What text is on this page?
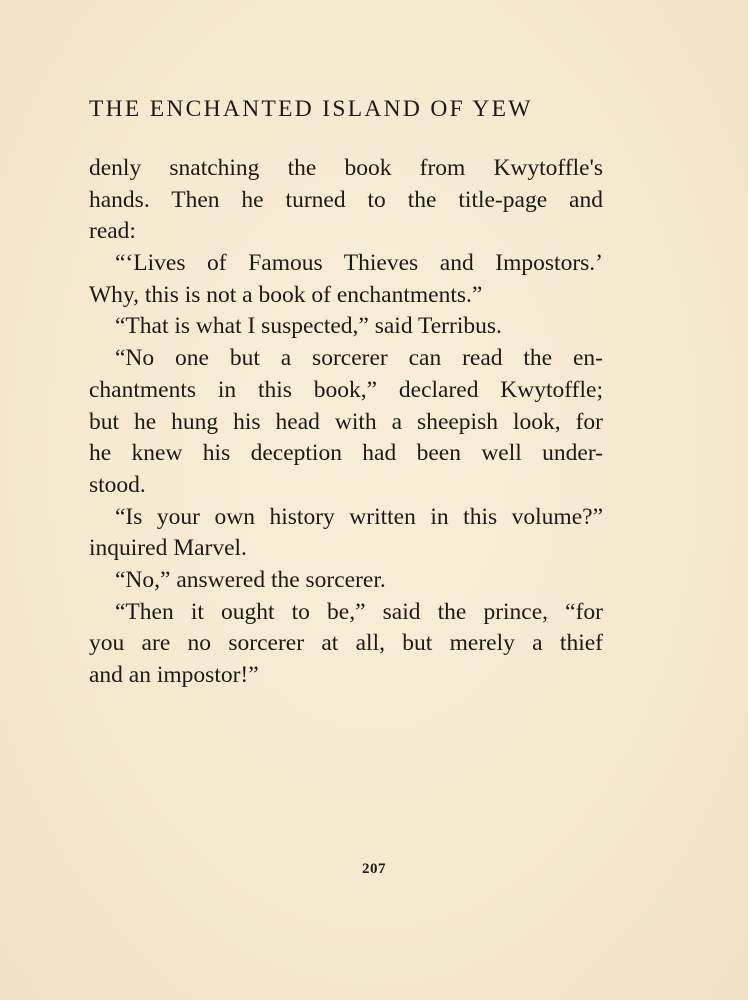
THE ENCHANTED ISLAND OF YEW
denly snatching the book from Kwytoffle's
hands. Then he turned to the title-page and
read:
“‘Lives of Famous Thieves and Impostors.’
Why, this is not a book of enchantments.”
“That is what I suspected,” said Terribus.
“No one but a sorcerer can read the en-
chantments in this book,” declared Kwytoffle;
but he hung his head with a sheepish look, for
he knew his deception had been well under-
stood.
“Is your own history written in this volume?”
inquired Marvel.
“No,” answered the sorcerer.
“Then it ought to be,” said the prince, “for
you are no sorcerer at all, but merely a thief
and an impostor!”
207
